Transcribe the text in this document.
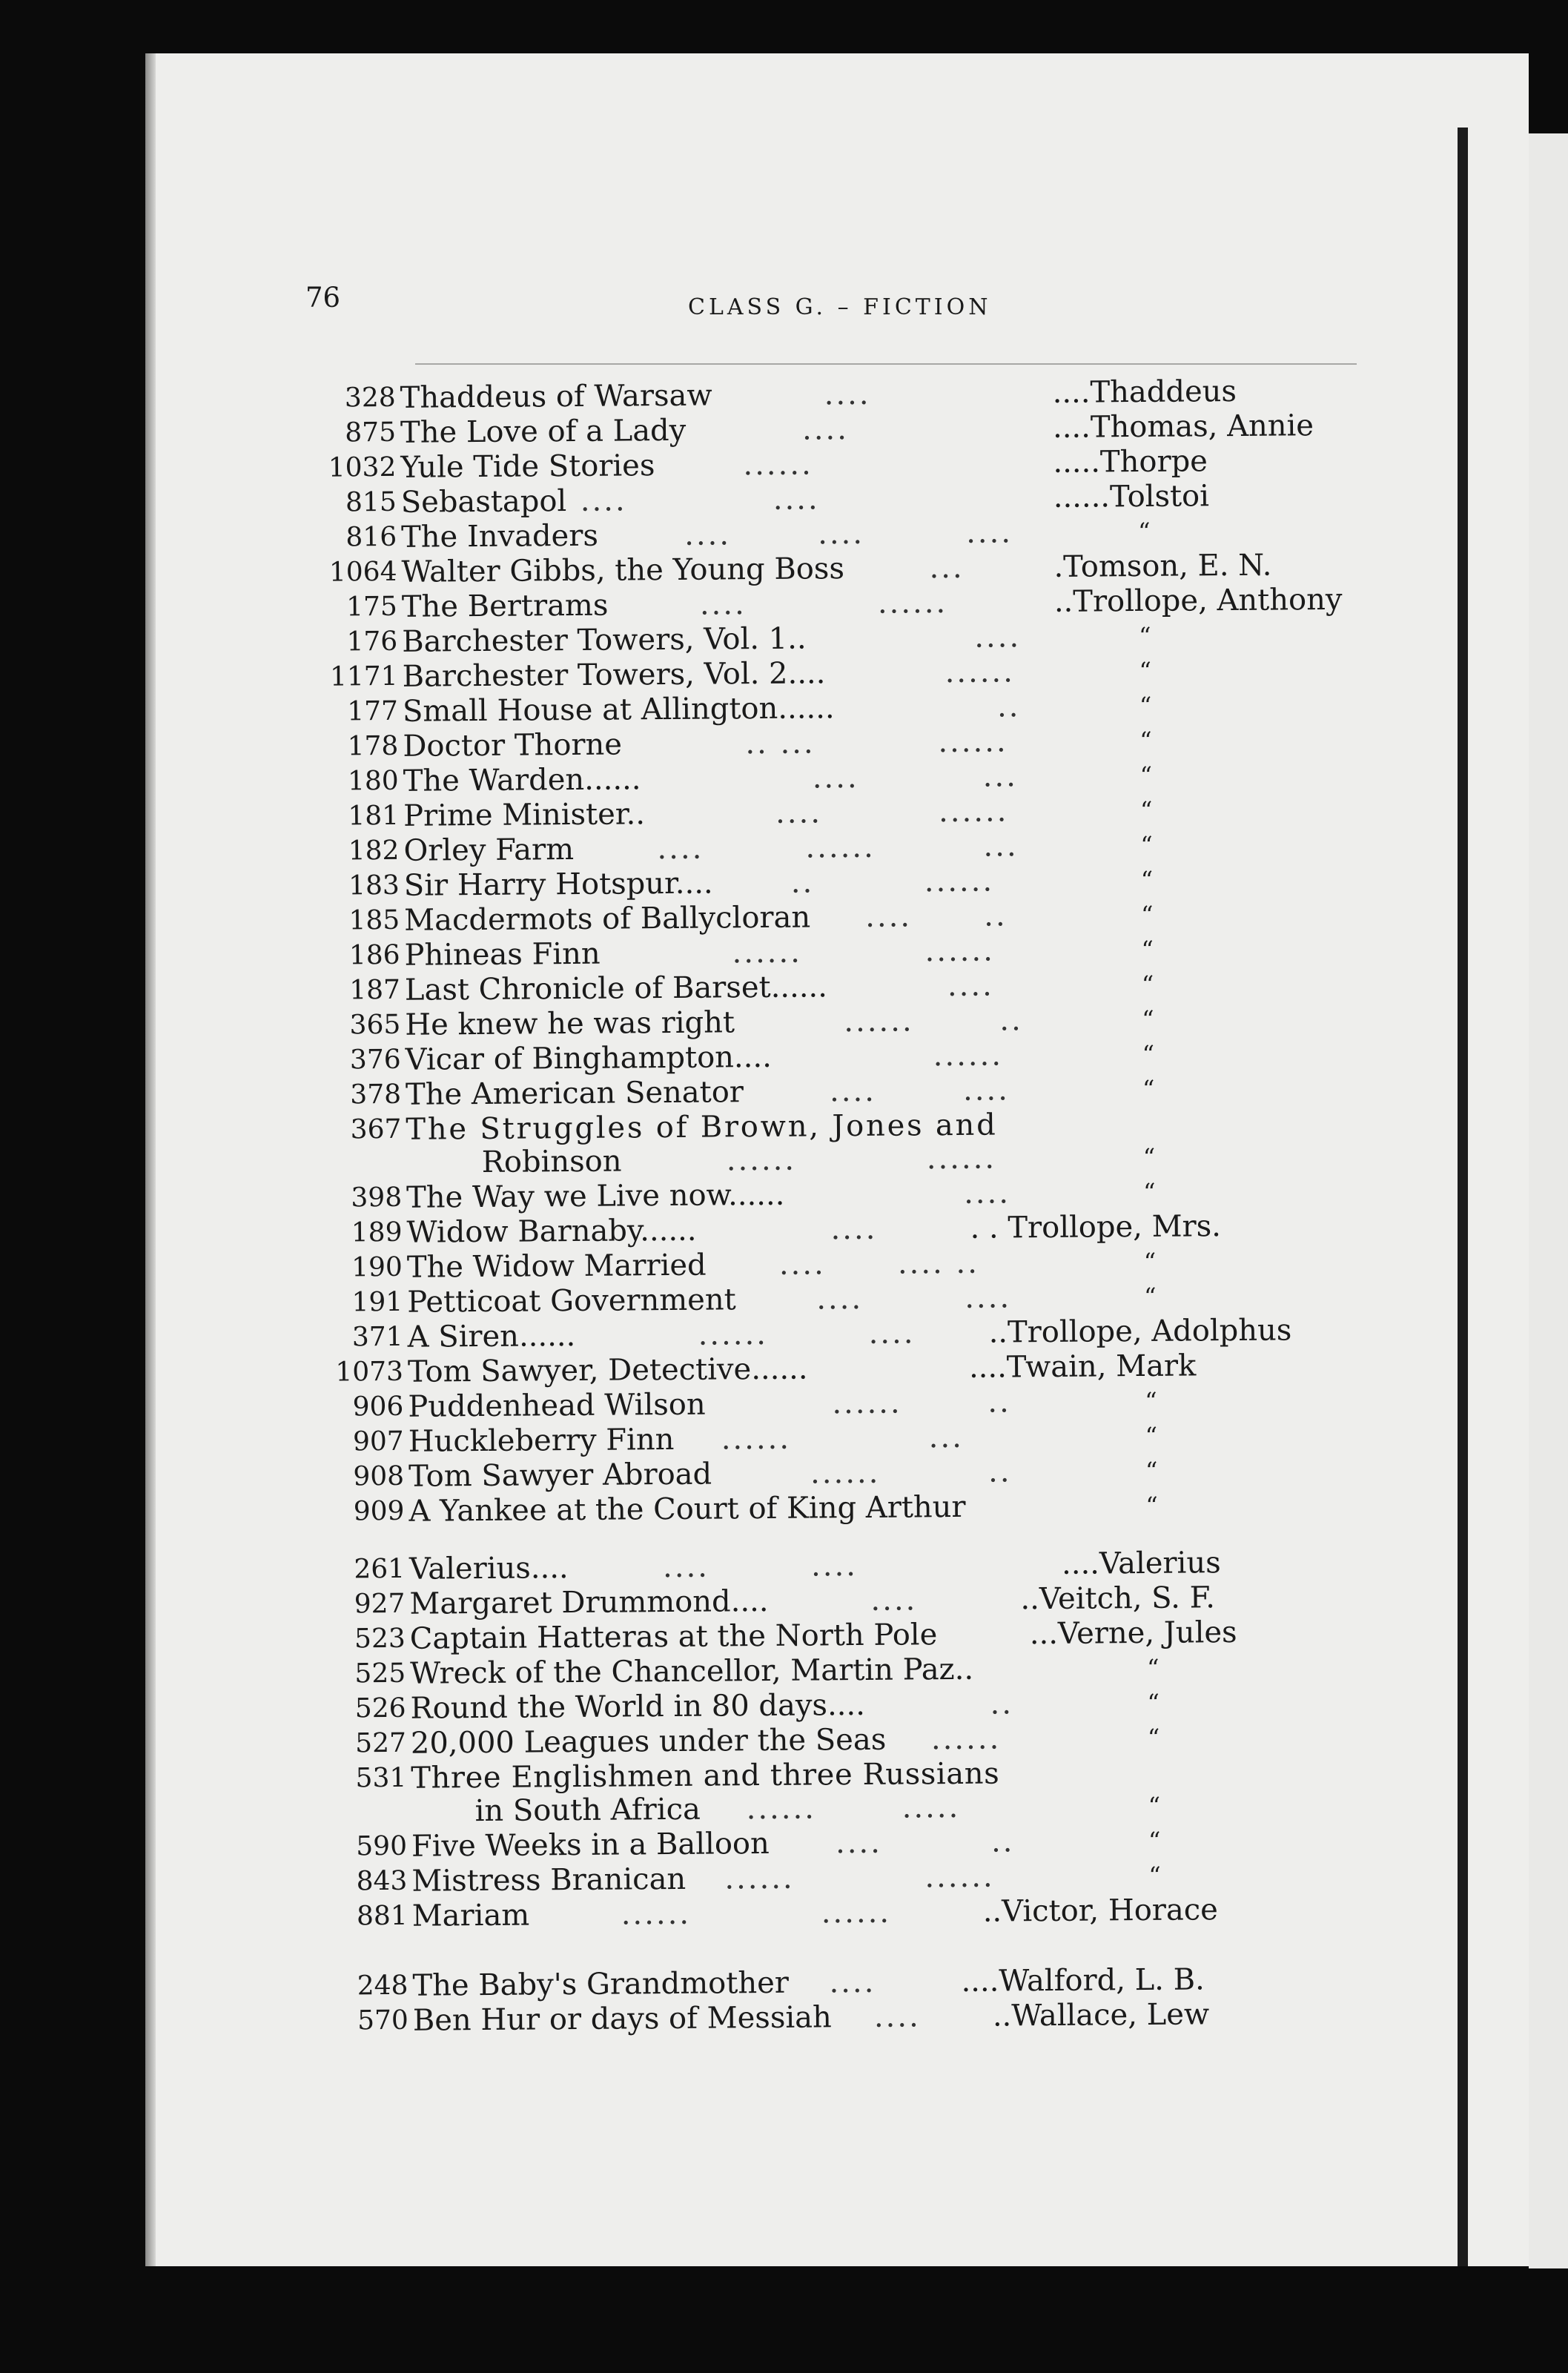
76	CLASS G. – FICTION
328 Thaddeus of Warsaw	....	....Thaddeus
875 The Love of a Lady	....	....Thomas, Annie
1032 Yule Tide Stories	......	.....Thorpe
815 Sebastapol ....	....	......Tolstoi
816 The Invaders	....	....	....	“
1064 Walter Gibbs, the Young Boss	...	.Tomson, E. N.
175 The Bertrams	....	......	..Trollope, Anthony
176 Barchester Towers, Vol. 1..	....	“
1171 Barchester Towers, Vol. 2....	......	“
177 Small House at Allington......	..	“
178 Doctor Thorne	.. ...	......	“
180 The Warden......	....	...	“
181 Prime Minister..	....	......	“
182 Orley Farm	....	......	...	“
183 Sir Harry Hotspur....	..	......	“
185 Macdermots of Ballycloran .... ..	“
186 Phineas Finn	......	......	“
187 Last Chronicle of Barset......	....	“
365 He knew he was right	......	..	“
376 Vicar of Binghampton....	......	“
378 The American Senator	....	....	“
367 The Struggles of Brown, Jones and
Robinson	......	......	“
398 The Way we Live now......	....	“
189 Widow Barnaby......	....	. . Trollope, Mrs.
190 The Widow Married .... .... ..	“
191 Petticoat Government	....	....	“
371 A Siren......	......	.... ..Trollope, Adolphus
1073 Tom Sawyer, Detective......	....Twain, Mark
906 Puddenhead Wilson	......	..	“
907 Huckleberry Finn ......	...	“
908 Tom Sawyer Abroad	......	..	“
909 A Yankee at the Court of King Arthur	“
261 Valerius....	....	....	....Valerius
927 Margaret Drummond....	....	..Veitch, S. F.
523 Captain Hatteras at the North Pole	...Verne, Jules
525 Wreck of the Chancellor, Martin Paz..	“
526 Round the World in 80 days....	..	“
527 20,000 Leagues under the Seas ......	“
531 Three Englishmen and three Russians
in South Africa ......	.....	“
590 Five Weeks in a Balloon ....	..	“
843 Mistress Branican ......	......	“
881 Mariam	......	......	..Victor, Horace
248 The Baby's Grandmother ....	....Walford, L. B.
570 Ben Hur or days of Messiah .... ..Wallace, Lew
